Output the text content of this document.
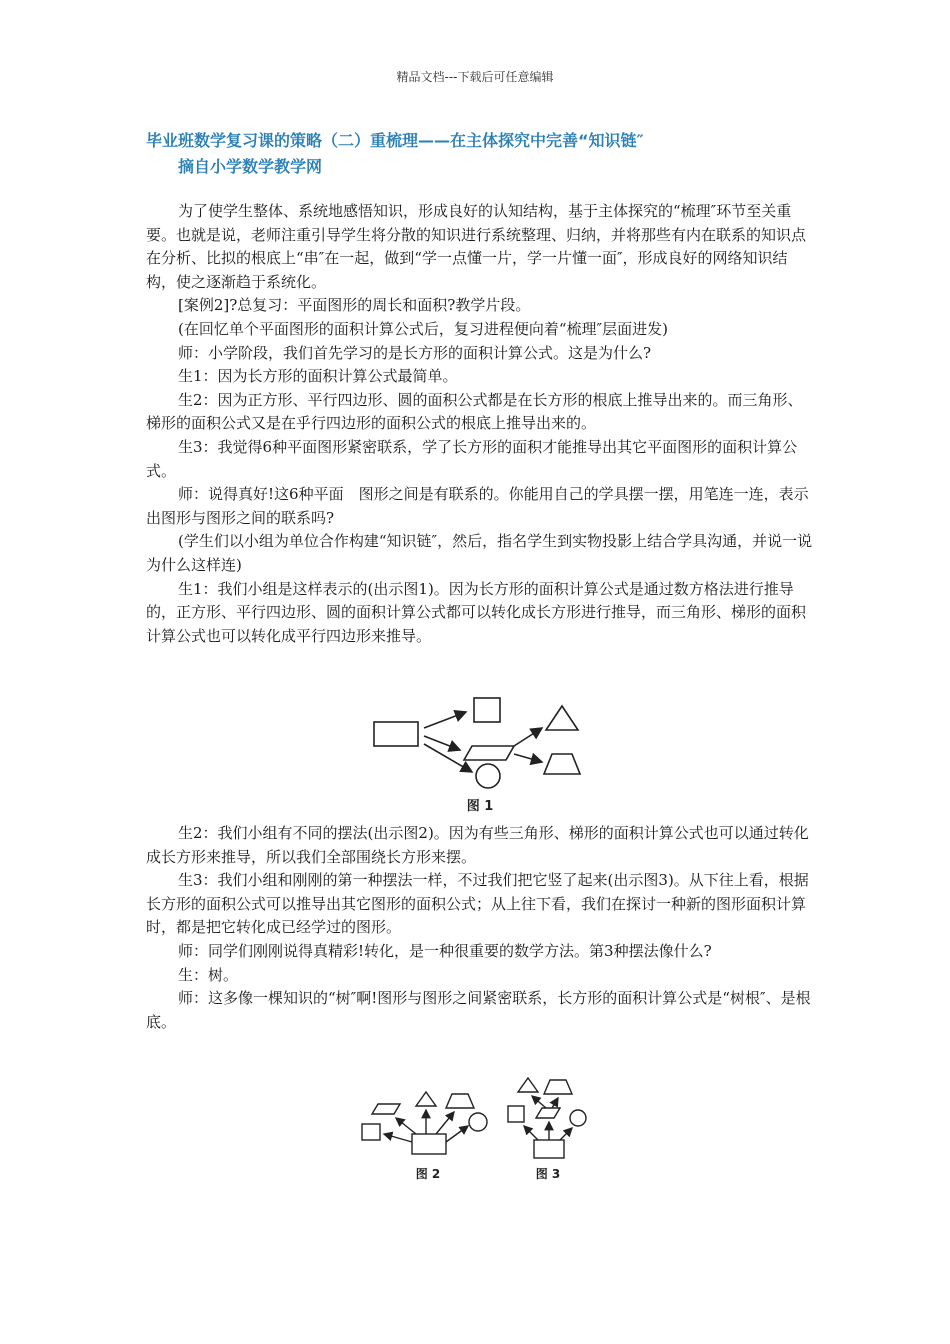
精品文档---下载后可任意编辑
毕业班数学复习课的策略（二）重梳理——在主体探究中完善“知识链″
摘自小学数学教学网

为了使学生整体、系统地感悟知识，形成良好的认知结构，基于主体探究的“梳理″环节至关重要。也就是说，老师注重引导学生将分散的知识进行系统整理、归纳，并将那些有内在联系的知识点在分析、比拟的根底上“串″在一起，做到“学一点懂一片，学一片懂一面″，形成良好的网络知识结构，使之逐渐趋于系统化。

[案例2]?总复习：平面图形的周长和面积?教学片段。

(在回忆单个平面图形的面积计算公式后，复习进程便向着“梳理″层面进发)

师：小学阶段，我们首先学习的是长方形的面积计算公式。这是为什么?

生1：因为长方形的面积计算公式最简单。

生2：因为正方形、平行四边形、圆的面积公式都是在长方形的根底上推导出来的。而三角形、梯形的面积公式又是在乎行四边形的面积公式的根底上推导出来的。

生3：我觉得6种平面图形紧密联系，学了长方形的面积才能推导出其它平面图形的面积计算公式。

师：说得真好!这6种平面　图形之间是有联系的。你能用自己的学具摆一摆，用笔连一连，表示出图形与图形之间的联系吗?

(学生们以小组为单位合作构建“知识链″，然后，指名学生到实物投影上结合学具沟通，并说一说为什么这样连)

生1：我们小组是这样表示的(出示图1)。因为长方形的面积计算公式是通过数方格法进行推导的，正方形、平行四边形、圆的面积计算公式都可以转化成长方形进行推导，而三角形、梯形的面积计算公式也可以转化成平行四边形来推导。

图 1

生2：我们小组有不同的摆法(出示图2)。因为有些三角形、梯形的面积计算公式也可以通过转化成长方形来推导，所以我们全部围绕长方形来摆。

生3：我们小组和刚刚的第一种摆法一样，不过我们把它竖了起来(出示图3)。从下往上看，根据长方形的面积公式可以推导出其它图形的面积公式；从上往下看，我们在探讨一种新的图形面积计算时，都是把它转化成已经学过的图形。

师：同学们刚刚说得真精彩!转化，是一种很重要的数学方法。第3种摆法像什么?

生：树。

师：这多像一棵知识的“树″啊!图形与图形之间紧密联系，长方形的面积计算公式是“树根″、是根底。

图 2	图 3
